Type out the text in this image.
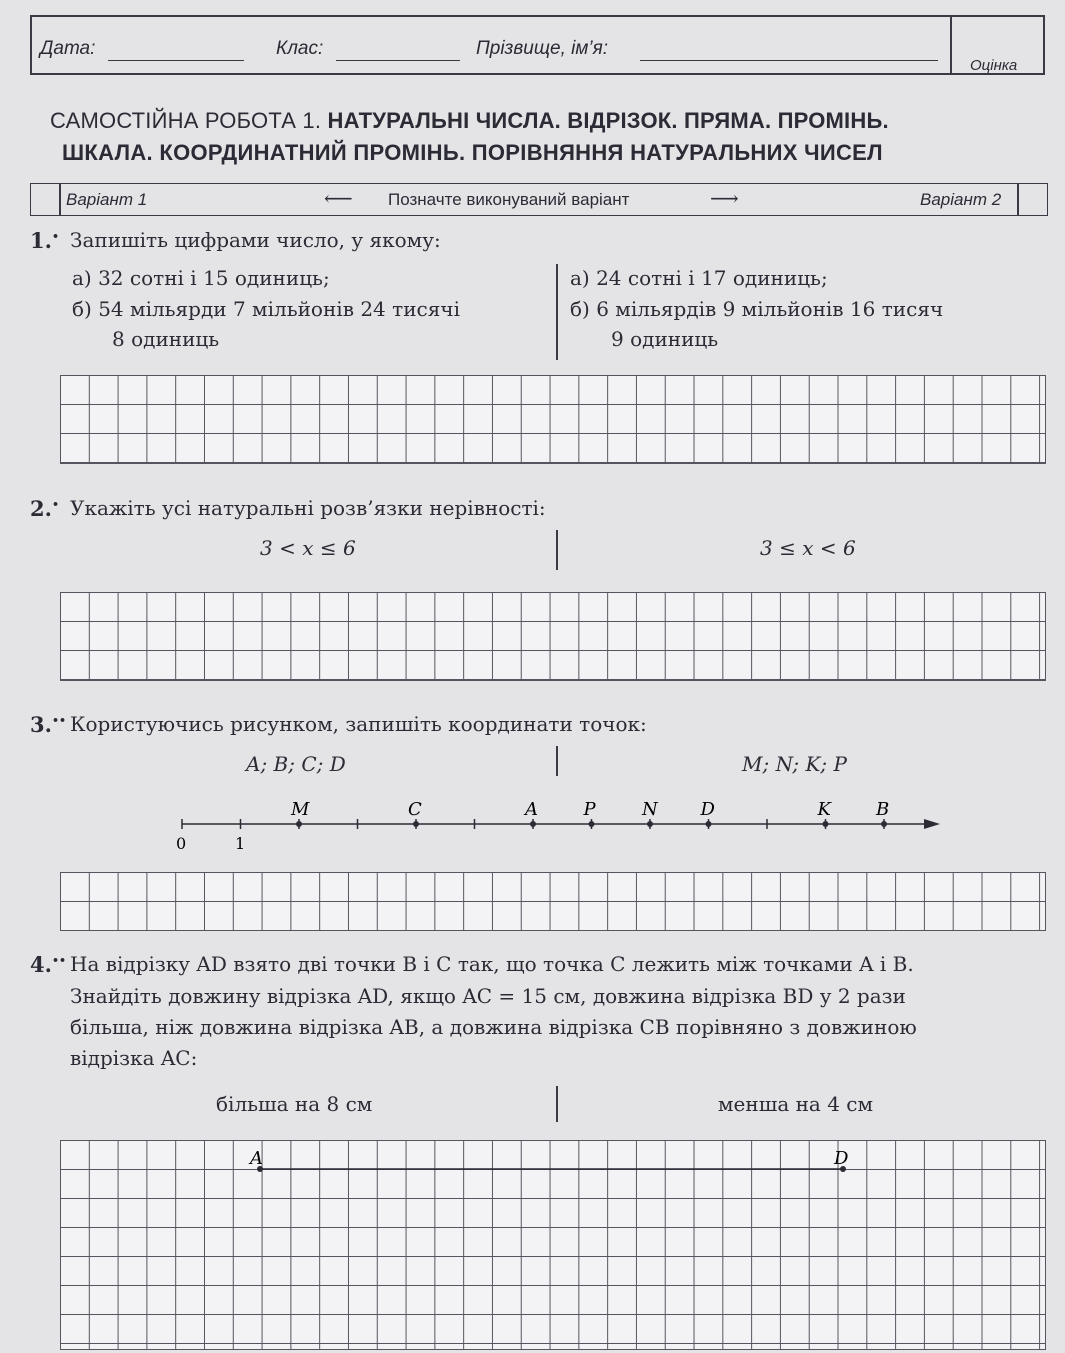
Дата:	Клас:	Прізвище, ім’я:
Оцінка
САМОСТІЙНА РОБОТА 1. НАТУРАЛЬНІ ЧИСЛА. ВІДРІЗОК. ПРЯМА. ПРОМІНЬ.
ШКАЛА. КООРДИНАТНИЙ ПРОМІНЬ. ПОРІВНЯННЯ НАТУРАЛЬНИХ ЧИСЕЛ
Варіант 1	⟵ Позначте виконуваний варіант	⟶	Варіант 2
1.• Запишіть цифрами число, у якому:
а) 32 сотні і 15 одиниць;
б) 54 мільярди 7 мільйонів 24 тисячі
8 одиниць
а) 24 сотні і 17 одиниць;
б) 6 мільярдів 9 мільйонів 16 тисяч
9 одиниць
2.• Укажіть усі натуральні розв’язки нерівності:
3 < x ≤ 6	3 ≤ x < 6
3.•• Користуючись рисунком, запишіть координати точок:
A; B; C; D	M; N; K; P
M	C	A	P	N D	K	B
0	1
4.•• На відрізку AD взято дві точки B і C так, що точка C лежить між точками A і B.
Знайдіть довжину відрізка AD, якщо AC = 15 см, довжина відрізка BD у 2 рази
більша, ніж довжина відрізка AB, а довжина відрізка CB порівняно з довжиною
відрізка AC:
більша на 8 см	менша на 4 см
A	D
